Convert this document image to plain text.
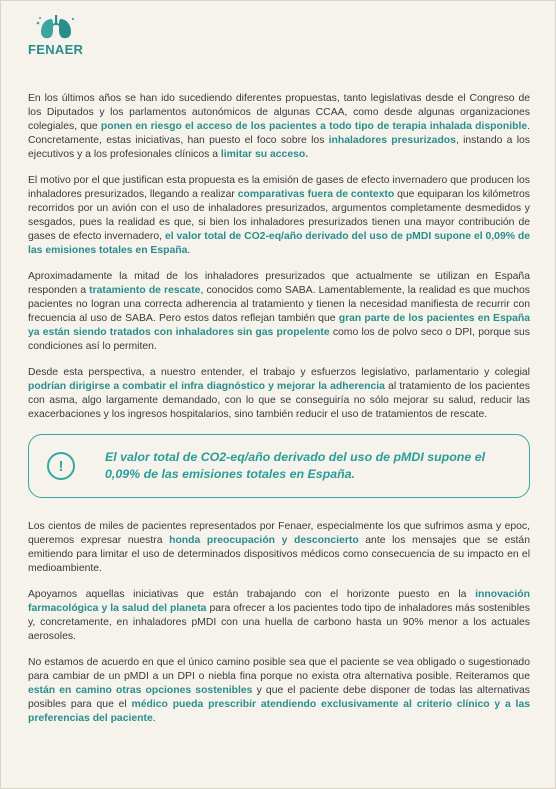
FENAER

En los últimos años se han ido sucediendo diferentes propuestas, tanto legislativas desde el Congreso de los Diputados y los parlamentos autonómicos de algunas CCAA, como desde algunas organizaciones colegiales, que ponen en riesgo el acceso de los pacientes a todo tipo de terapia inhalada disponible. Concretamente, estas iniciativas, han puesto el foco sobre los inhaladores presurizados, instando a los ejecutivos y a los profesionales clínicos a limitar su acceso.

El motivo por el que justifican esta propuesta es la emisión de gases de efecto invernadero que producen los inhaladores presurizados, llegando a realizar comparativas fuera de contexto que equiparan los kilómetros recorridos por un avión con el uso de inhaladores presurizados, argumentos completamente desmedidos y sesgados, pues la realidad es que, si bien los inhaladores presurizados tienen una mayor contribución de gases de efecto invernadero, el valor total de CO2-eq/año derivado del uso de pMDI supone el 0,09% de las emisiones totales en España.

Aproximadamente la mitad de los inhaladores presurizados que actualmente se utilizan en España responden a tratamiento de rescate, conocidos como SABA. Lamentablemente, la realidad es que muchos pacientes no logran una correcta adherencia al tratamiento y tienen la necesidad manifiesta de recurrir con frecuencia al uso de SABA. Pero estos datos reflejan también que gran parte de los pacientes en España ya están siendo tratados con inhaladores sin gas propelente como los de polvo seco o DPI, porque sus condiciones así lo permiten.

Desde esta perspectiva, a nuestro entender, el trabajo y esfuerzos legislativo, parlamentario y colegial podrían dirigirse a combatir el infra diagnóstico y mejorar la adherencia al tratamiento de los pacientes con asma, algo largamente demandado, con lo que se conseguiría no sólo mejorar su salud, reducir las exacerbaciones y los ingresos hospitalarios, sino también reducir el uso de tratamientos de rescate.

!
El valor total de CO2-eq/año derivado del uso de pMDI supone el 0,09% de las emisiones totales en España.

Los cientos de miles de pacientes representados por Fenaer, especialmente los que sufrimos asma y epoc, queremos expresar nuestra honda preocupación y desconcierto ante los mensajes que se están emitiendo para limitar el uso de determinados dispositivos médicos como consecuencia de su impacto en el medioambiente.

Apoyamos aquellas iniciativas que están trabajando con el horizonte puesto en la innovación farmacológica y la salud del planeta para ofrecer a los pacientes todo tipo de inhaladores más sostenibles y, concretamente, en inhaladores pMDI con una huella de carbono hasta un 90% menor a los actuales aerosoles.

No estamos de acuerdo en que el único camino posible sea que el paciente se vea obligado o sugestionado para cambiar de un pMDI a un DPI o niebla fina porque no exista otra alternativa posible. Reiteramos que están en camino otras opciones sostenibles y que el paciente debe disponer de todas las alternativas posibles para que el médico pueda prescribir atendiendo exclusivamente al criterio clínico y a las preferencias del paciente.
